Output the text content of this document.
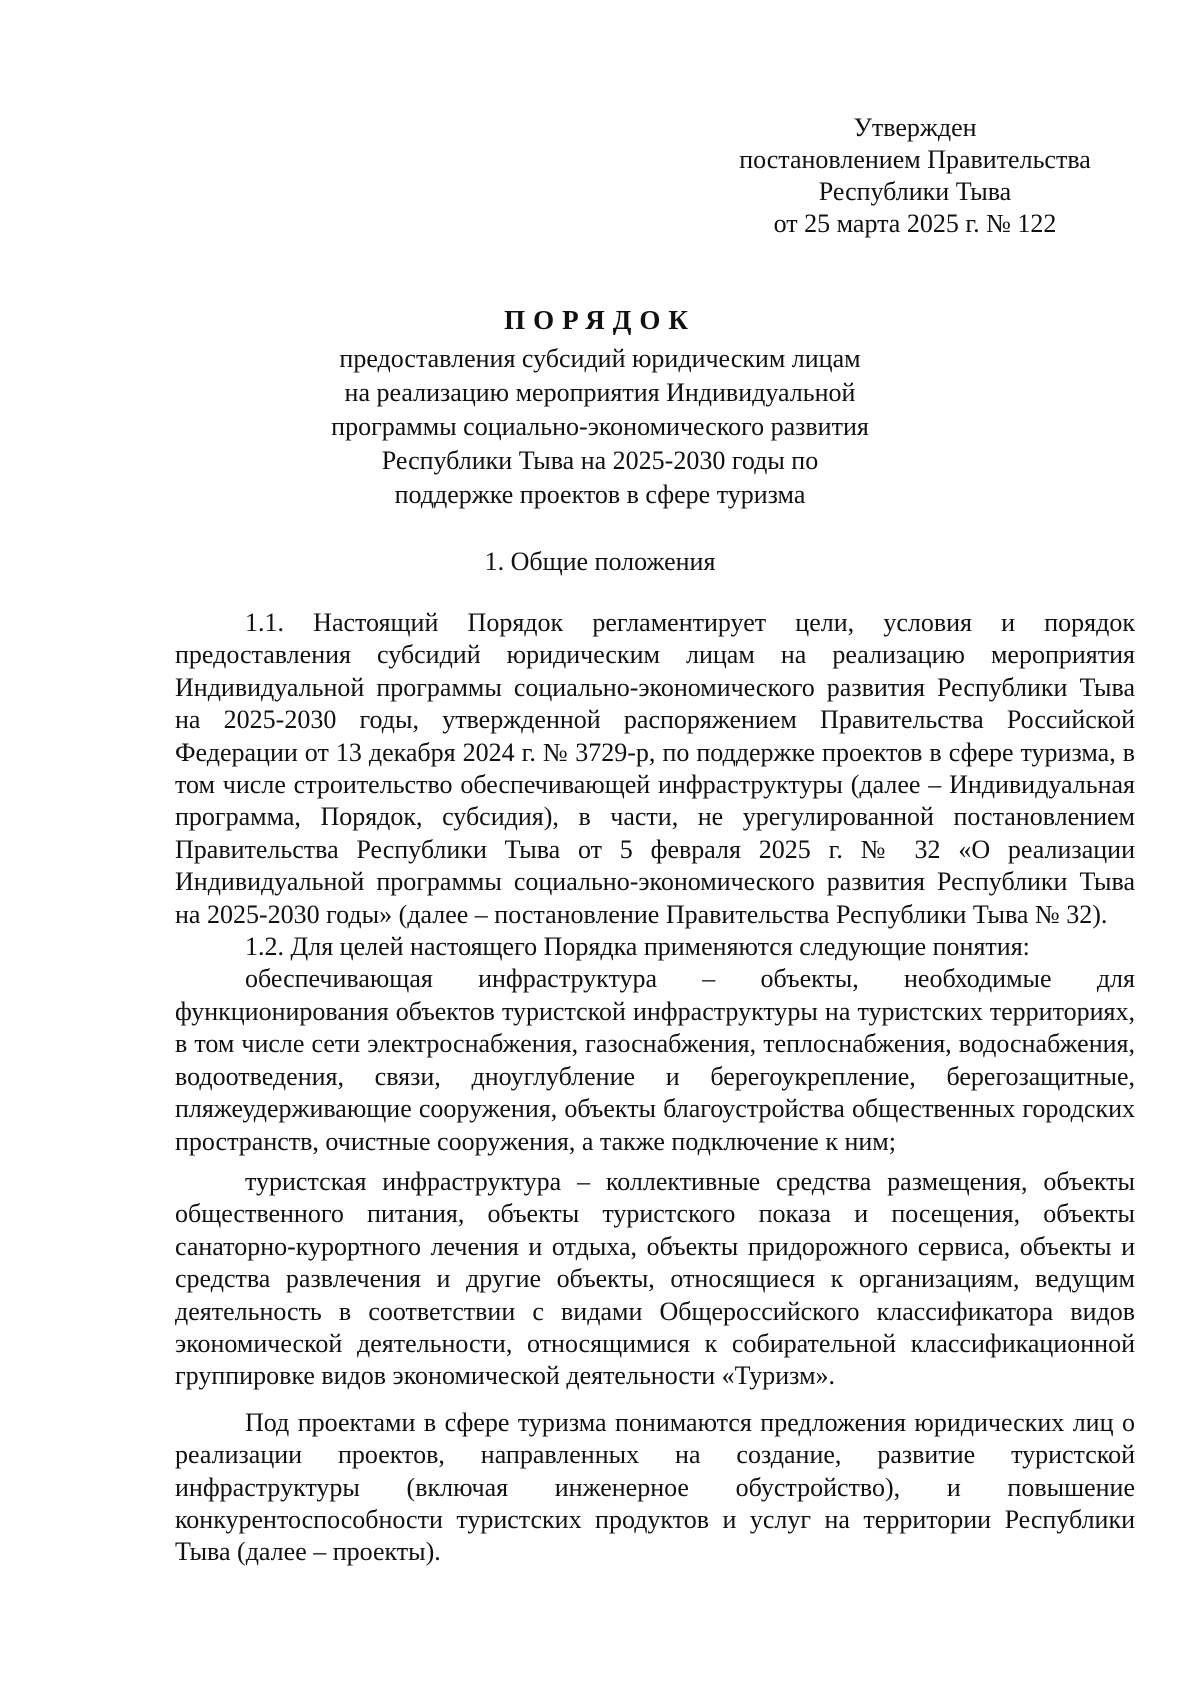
Утвержден
постановлением Правительства
Республики Тыва
от 25 марта 2025 г. № 122
ПОРЯДОК
предоставления субсидий юридическим лицам
на реализацию мероприятия Индивидуальной
программы социально-экономического развития
Республики Тыва на 2025-2030 годы по
поддержке проектов в сфере туризма
1. Общие положения

1.1. Настоящий Порядок регламентирует цели, условия и порядок предоставления субсидий юридическим лицам на реализацию мероприятия Индивидуальной программы социально-экономического развития Республики Тыва на 2025-2030 годы, утвержденной распоряжением Правительства Российской Федерации от 13 декабря 2024 г. № 3729-р, по поддержке проектов в сфере туризма, в том числе строительство обеспечивающей инфраструктуры (далее – Индивидуальная программа, Порядок, субсидия), в части, не урегулированной постановлением Правительства Республики Тыва от 5 февраля 2025 г. № 32 «О реализации Индивидуальной программы социально-экономического развития Республики Тыва на 2025-2030 годы» (далее – постановление Правительства Республики Тыва № 32).

1.2. Для целей настоящего Порядка применяются следующие понятия:

обеспечивающая инфраструктура – объекты, необходимые для функционирования объектов туристской инфраструктуры на туристских территориях, в том числе сети электроснабжения, газоснабжения, теплоснабжения, водоснабжения, водоотведения, связи, дноуглубление и берегоукрепление, берегозащитные, пляжеудерживающие сооружения, объекты благоустройства общественных городских пространств, очистные сооружения, а также подключение к ним;

туристская инфраструктура – коллективные средства размещения, объекты общественного питания, объекты туристского показа и посещения, объекты санаторно-курортного лечения и отдыха, объекты придорожного сервиса, объекты и средства развлечения и другие объекты, относящиеся к организациям, ведущим деятельность в соответствии с видами Общероссийского классификатора видов экономической деятельности, относящимися к собирательной классификационной группировке видов экономической деятельности «Туризм».

Под проектами в сфере туризма понимаются предложения юридических лиц о реализации проектов, направленных на создание, развитие туристской инфраструктуры (включая инженерное обустройство), и повышение конкурентоспособности туристских продуктов и услуг на территории Республики Тыва (далее – проекты).
